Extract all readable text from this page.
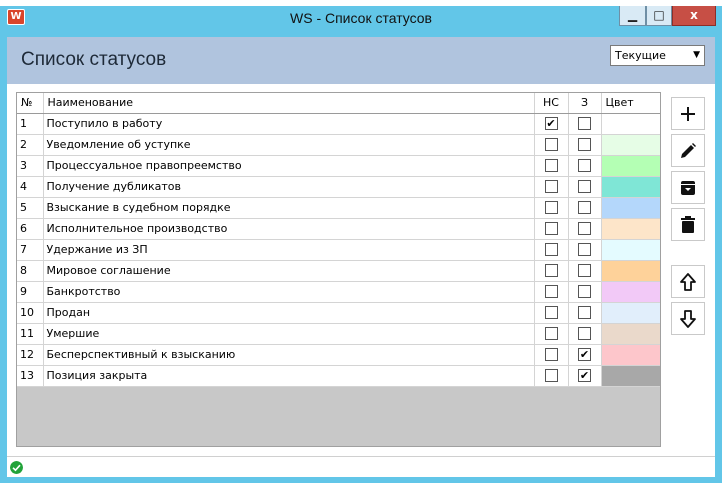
W	WS - Список статусов	▁	□	x
Список статусов	Текущие	▼
№	Наименование	НС	З	Цвет
1	Поступило в работу	✔		

2	Уведомление об уступке			

3	Процессуальное правопреемство			

4	Получение дубликатов			

5	Взыскание в судебном порядке			

6	Исполнительное производство			

7	Удержание из ЗП			

8	Мировое соглашение			

9	Банкротство			

10	Продан			

11	Умершие			

12	Бесперспективный к взысканию		✔	

13	Позиция закрыта		✔	
